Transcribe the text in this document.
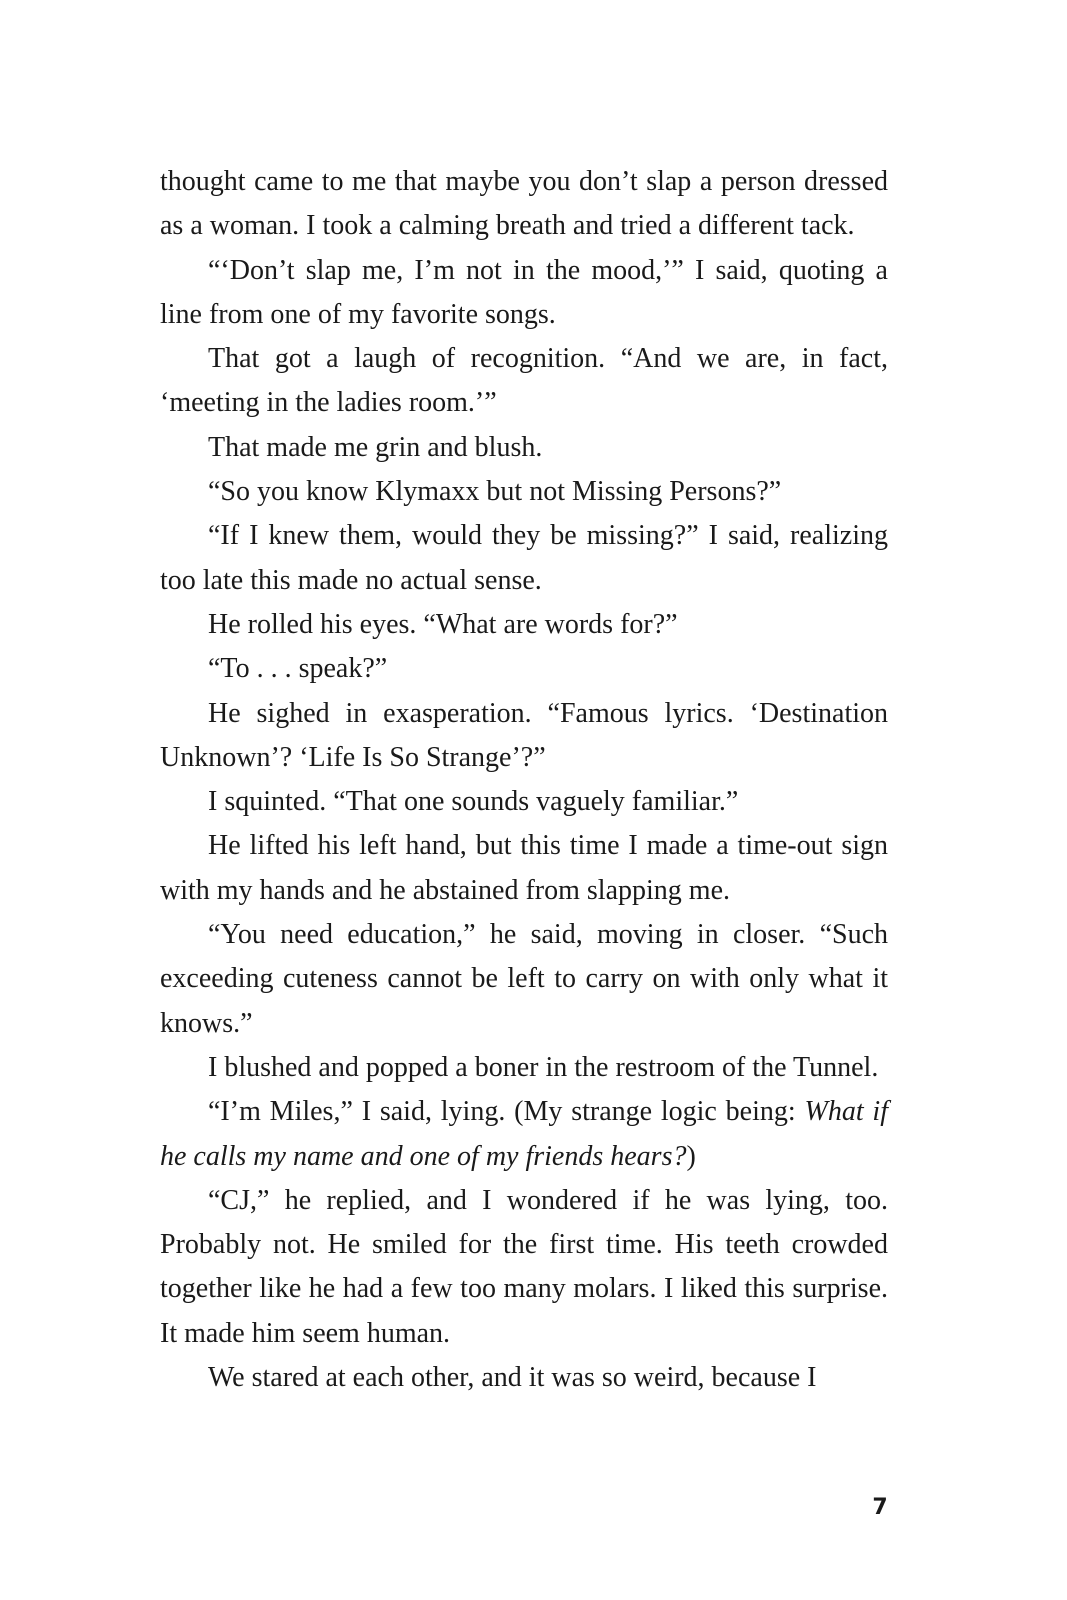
thought came to me that maybe you don’t slap a person dressed as a woman. I took a calming breath and tried a different tack.

“‘Don’t slap me, I’m not in the mood,’” I said, quoting a line from one of my favorite songs.

That got a laugh of recognition. “And we are, in fact, ‘meeting in the ladies room.’”

That made me grin and blush.

“So you know Klymaxx but not Missing Persons?”

“If I knew them, would they be missing?” I said, realizing too late this made no actual sense.

He rolled his eyes. “What are words for?”

“To . . . speak?”

He sighed in exasperation. “Famous lyrics. ‘Destination Unknown’? ‘Life Is So Strange’?”

I squinted. “That one sounds vaguely familiar.”

He lifted his left hand, but this time I made a time-out sign with my hands and he abstained from slapping me.

“You need education,” he said, moving in closer. “Such exceeding cuteness cannot be left to carry on with only what it knows.”

I blushed and popped a boner in the restroom of the Tunnel.

“I’m Miles,” I said, lying. (My strange logic being: What if he calls my name and one of my friends hears?)

“CJ,” he replied, and I wondered if he was lying, too. Probably not. He smiled for the first time. His teeth crowded together like he had a few too many molars. I liked this surprise. It made him seem human.

We stared at each other, and it was so weird, because I

7
